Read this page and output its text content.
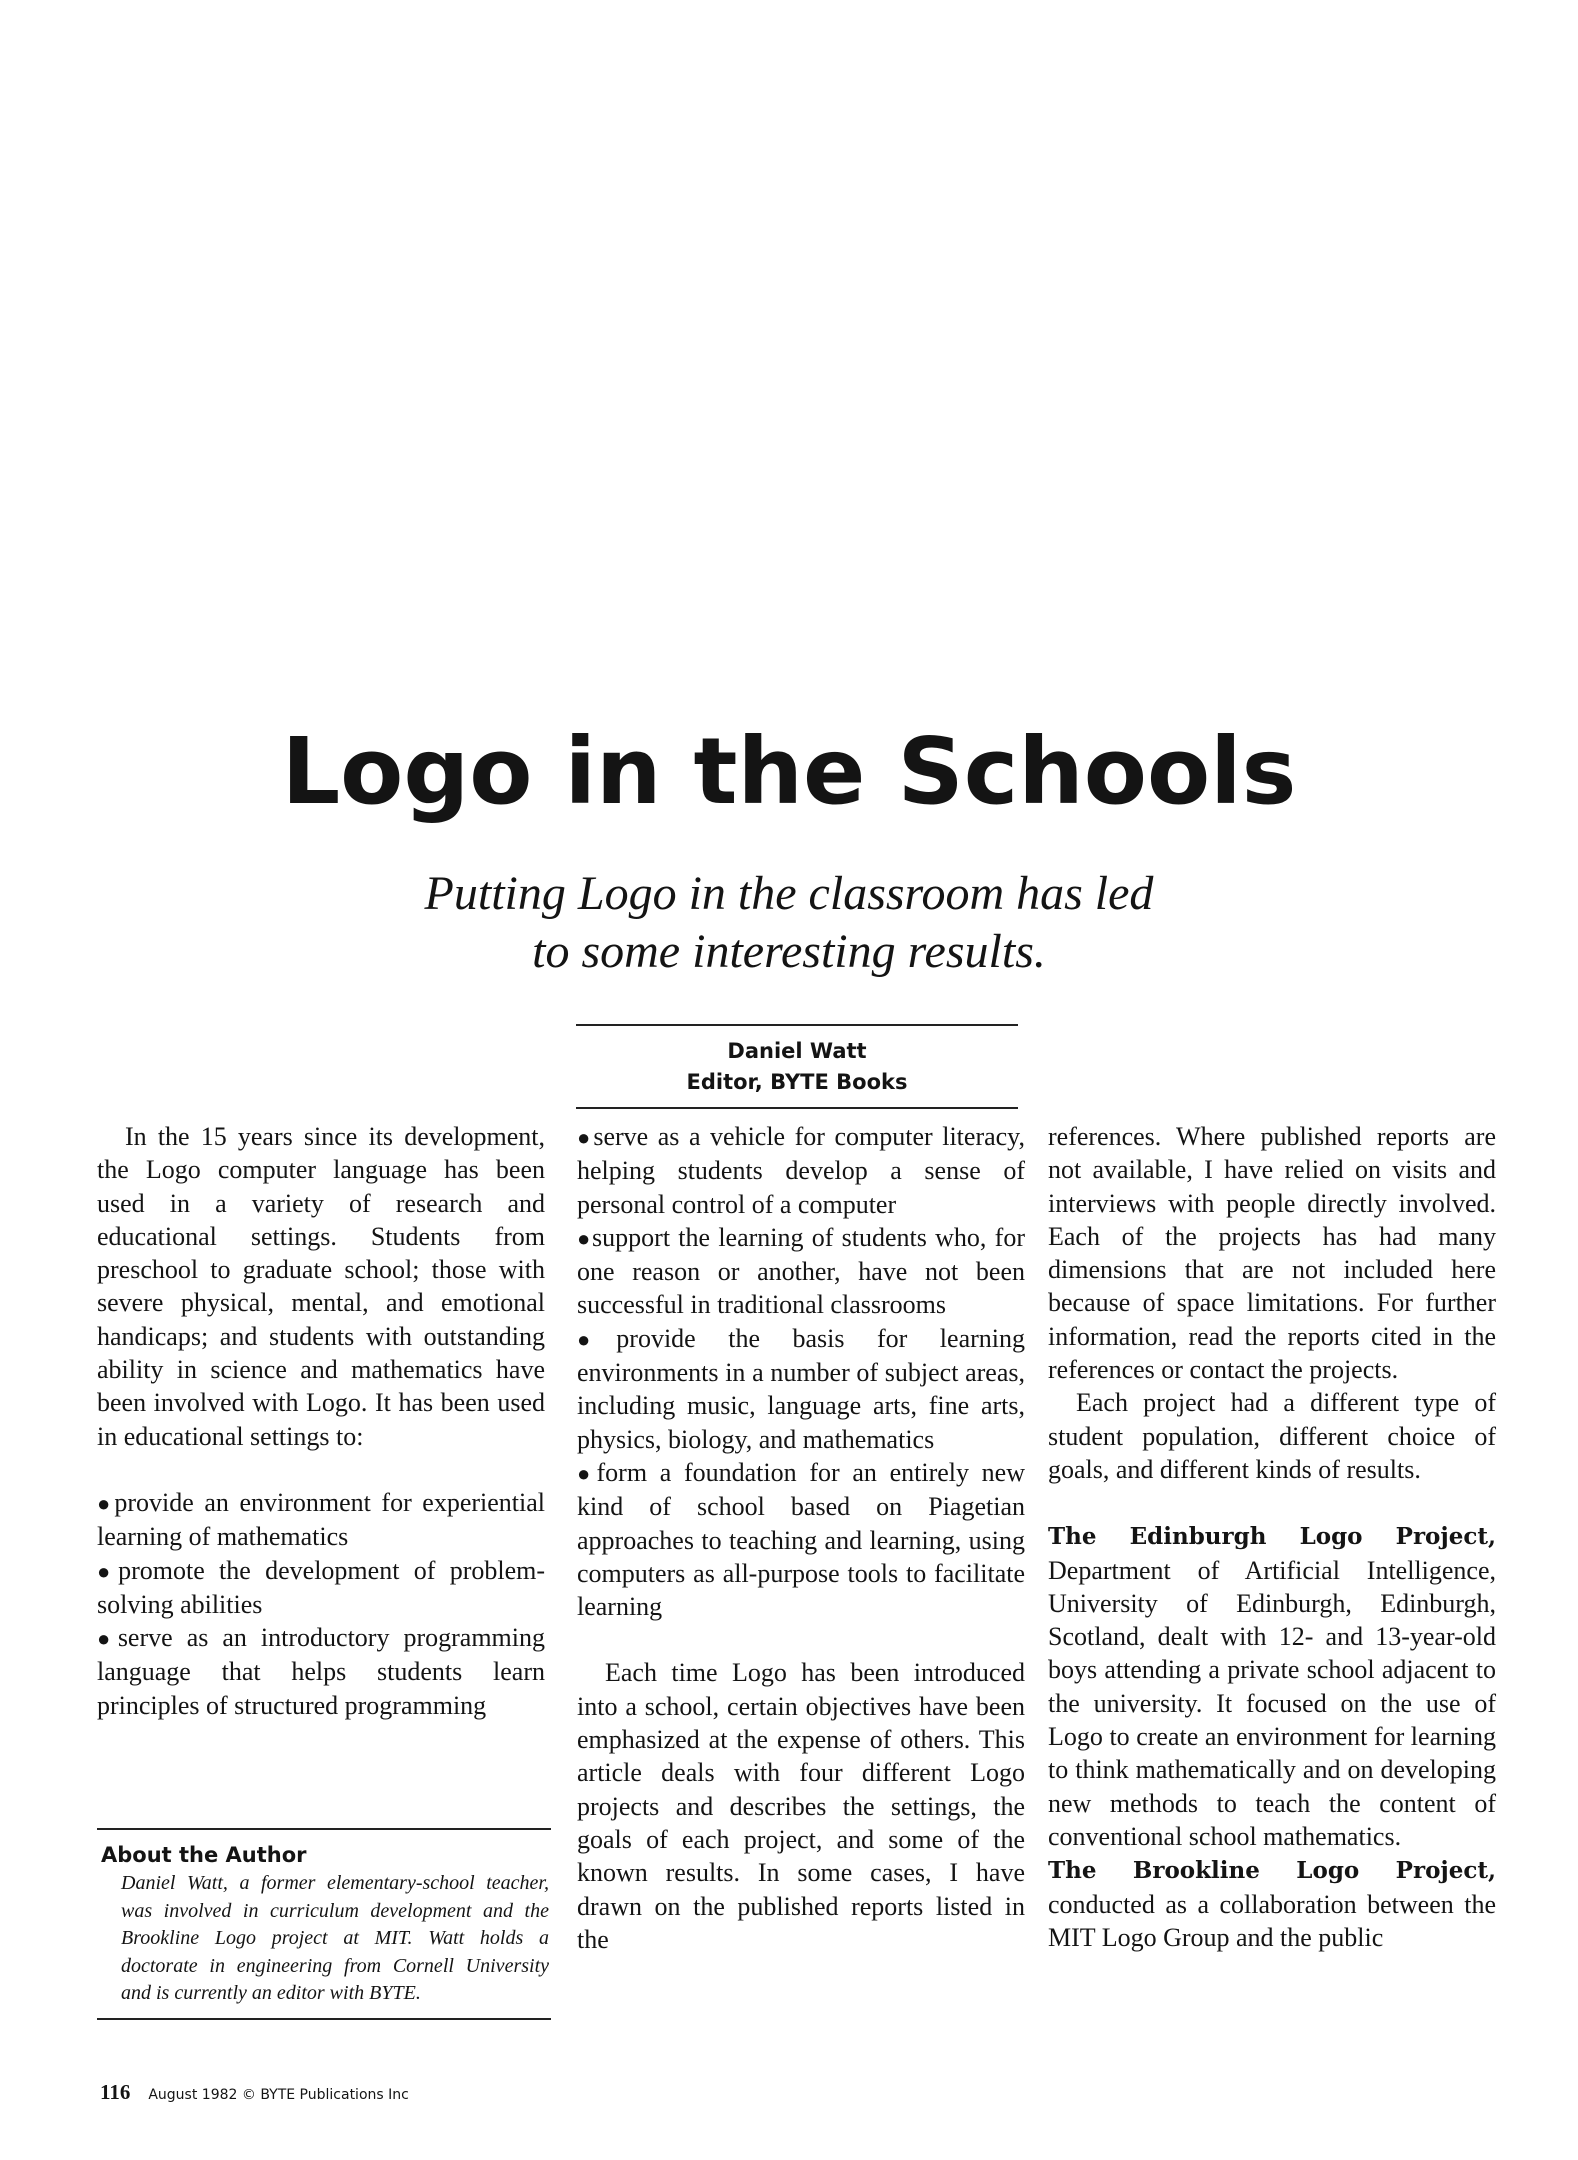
Logo in the Schools
Putting Logo in the classroom has led
to some interesting results.
Daniel Watt
Editor, BYTE Books

In the 15 years since its development, the Logo computer language has been used in a variety of research and educational settings. Students from preschool to graduate school; those with severe physical, mental, and emotional handicaps; and students with outstanding ability in science and mathematics have been involved with Logo. It has been used in educational settings to:

●provide an environment for experiential learning of mathematics

●promote the development of problem-solving abilities

●serve as an introductory programming language that helps students learn principles of structured programming

About the Author
Daniel Watt, a former elementary-school teacher, was involved in curriculum development and the Brookline Logo project at MIT. Watt holds a doctorate in engineering from Cornell University and is currently an editor with BYTE.

●serve as a vehicle for computer literacy, helping students develop a sense of personal control of a computer

●support the learning of students who, for one reason or another, have not been successful in traditional classrooms

●provide the basis for learning environments in a number of subject areas, including music, language arts, fine arts, physics, biology, and mathematics

●form a foundation for an entirely new kind of school based on Piagetian approaches to teaching and learning, using computers as all-purpose tools to facilitate learning

Each time Logo has been introduced into a school, certain objectives have been emphasized at the expense of others. This article deals with four different Logo projects and describes the settings, the goals of each project, and some of the known results. In some cases, I have drawn on the published reports listed in the

references. Where published reports are not available, I have relied on visits and interviews with people directly involved. Each of the projects has had many dimensions that are not included here because of space limitations. For further information, read the reports cited in the references or contact the projects.

Each project had a different type of student population, different choice of goals, and different kinds of results.

The Edinburgh Logo Project, Department of Artificial Intelligence, University of Edinburgh, Edinburgh, Scotland, dealt with 12- and 13-year-old boys attending a private school adjacent to the university. It focused on the use of Logo to create an environment for learning to think mathematically and on developing new methods to teach the content of conventional school mathematics.

The Brookline Logo Project, conducted as a collaboration between the MIT Logo Group and the public

116 August 1982 © BYTE Publications Inc
